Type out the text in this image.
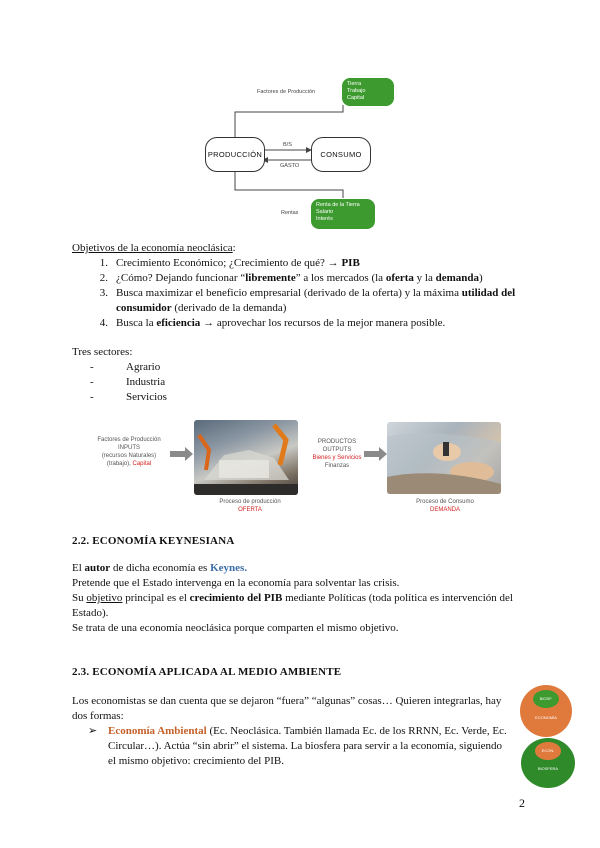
Factores de Producción
Tierra
Trabajo
Capital
PRODUCCIÓN	CONSUMO
B/S
GASTO
Rentas
Renta de la Tierra
Salario
Interés
Objetivos de la economía neoclásica:
1. Crecimiento Económico; ¿Crecimiento de qué? → PIB
2. ¿Cómo? Dejando funcionar “libremente” a los mercados (la oferta y la demanda)
3. Busca maximizar el beneficio empresarial (derivado de la oferta) y la máxima utilidad del consumidor (derivado de la demanda)
4. Busca la eficiencia → aprovechar los recursos de la mejor manera posible.
Tres sectores:
-	Agrario
-	Industria
-	Servicios
Factores de Producción
INPUTS
(recursos Naturales)
(trabajo), Capital
PRODUCTOS
OUTPUTS
Bienes y Servicios
Finanzas
Proceso de producción
OFERTA
Proceso de Consumo
DEMANDA
2.2. ECONOMÍA KEYNESIANA

El autor de dicha economía es Keynes.

Pretende que el Estado intervenga en la economía para solventar las crisis.

Su objetivo principal es el crecimiento del PIB mediante Políticas (toda política es intervención del Estado).

Se trata de una economía neoclásica porque comparten el mismo objetivo.

2.3. ECONOMÍA APLICADA AL MEDIO AMBIENTE

Los economistas se dan cuenta que se dejaron “fuera” “algunas” cosas… Quieren integrarlas, hay dos formas:

➢ Economía Ambiental (Ec. Neoclásica. También llamada Ec. de los RRNN, Ec. Verde, Ec. Circular…). Actúa “sin abrir” el sistema. La biosfera para servir a la economía, siguiendo el mismo objetivo: crecimiento del PIB.
BIOSF.
ECONOMÍA
ECON.
BIOSFERA
2
